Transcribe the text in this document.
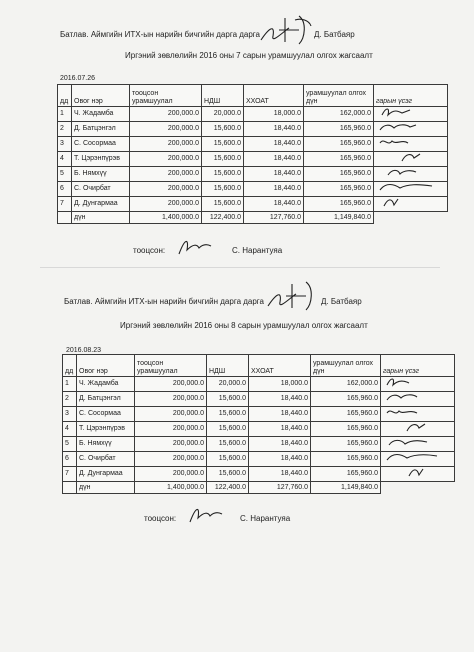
Батлав. Аймгийн ИТХ-ын нарийн бичгийн дарга дарга	Д. Батбаяр
Иргэний зөвлөлийн 2016 оны 7 сарын урамшуулал олгох жагсаалт
2016.07.26
дд	Овог нэр	тооцсон урамшуулал	НДШ	ХХОАТ	урамшуулал олгох дүн	гарын үсэг
1	Ч. Жадамба	200,000.0	20,000.0	18,000.0	162,000.0	
2	Д. Батцэнгэл	200,000.0	15,600.0	18,440.0	165,960.0	
3	С. Сосормаа	200,000.0	15,600.0	18,440.0	165,960.0	
4	Т. Цэрэнпүрэв	200,000.0	15,600.0	18,440.0	165,960.0	
5	Б. Нямхүү	200,000.0	15,600.0	18,440.0	165,960.0	
6	С. Очирбат	200,000.0	15,600.0	18,440.0	165,960.0	
7	Д. Дунгармаа	200,000.0	15,600.0	18,440.0	165,960.0	
	дүн	1,400,000.0	122,400.0	127,760.0	1,149,840.0	
тооцсон:	С. Нарантуяа
Батлав. Аймгийн ИТХ-ын нарийн бичгийн дарга дарга	Д. Батбаяр
Иргэний зөвлөлийн 2016 оны 8 сарын урамшуулал олгох жагсаалт
2016.08.23
дд	Овог нэр	тооцсон урамшуулал	НДШ	ХХОАТ	урамшуулал олгох дүн	гарын үсэг
1	Ч. Жадамба	200,000.0	20,000.0	18,000.0	162,000.0	
2	Д. Батцэнгэл	200,000.0	15,600.0	18,440.0	165,960.0	
3	С. Сосормаа	200,000.0	15,600.0	18,440.0	165,960.0	
4	Т. Цэрэнпүрэв	200,000.0	15,600.0	18,440.0	165,960.0	
5	Б. Нямхүү	200,000.0	15,600.0	18,440.0	165,960.0	
6	С. Очирбат	200,000.0	15,600.0	18,440.0	165,960.0	
7	Д. Дунгармаа	200,000.0	15,600.0	18,440.0	165,960.0	
	дүн	1,400,000.0	122,400.0	127,760.0	1,149,840.0	
тооцсон:	С. Нарантуяа
